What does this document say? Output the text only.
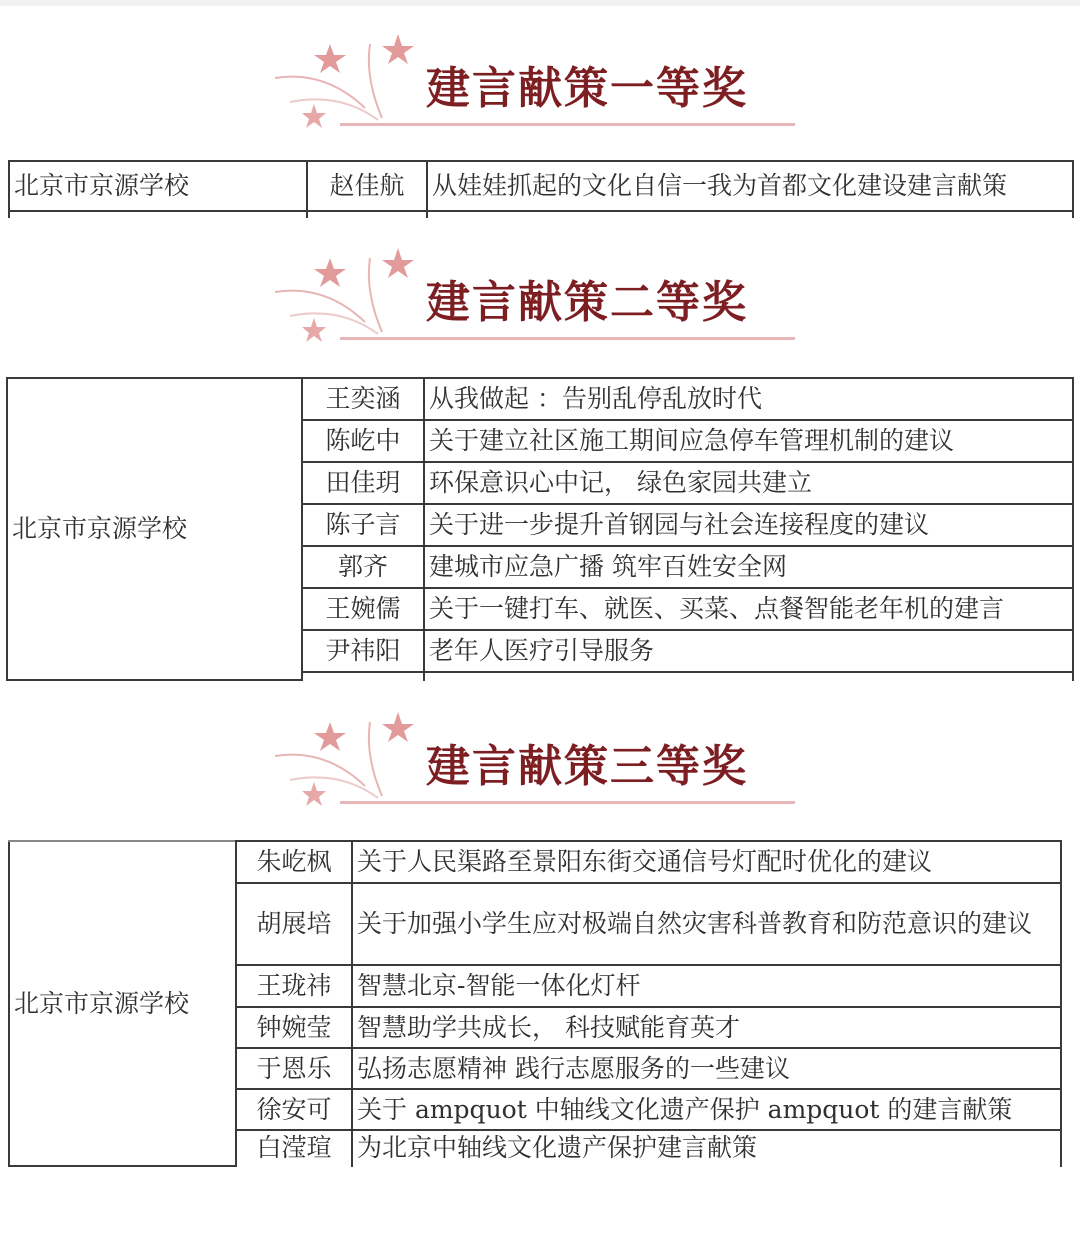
建言献策一等奖
北京市京源学校	赵佳航	从娃娃抓起的文化自信一我为首都文化建设建言献策

建言献策二等奖
北京市京源学校	王奕涵	从我做起 ：告别乱停乱放时代
	陈屹中	关于建立社区施工期间应急停车管理机制的建议
	田佳玥	环保意识心中记， 绿色家园共建立
	陈子言	关于进一步提升首钢园与社会连接程度的建议
	郭齐	建城市应急广播 筑牢百姓安全网
	王婉儒	关于一键打车、就医、买菜、点餐智能老年机的建言
	尹祎阳	老年人医疗引导服务

建言献策三等奖
北京市京源学校	朱屹枫	关于人民渠路至景阳东街交通信号灯配时优化的建议
	胡展培	关于加强小学生应对极端自然灾害科普教育和防范意识的建议
	王珑祎	智慧北京-智能一体化灯杆
	钟婉莹	智慧助学共成长， 科技赋能育英才
	于恩乐	弘扬志愿精神 践行志愿服务的一些建议
	徐安可	关于 ampquot 中轴线文化遗产保护 ampquot 的建言献策
	白滢瑄	为北京中轴线文化遗产保护建言献策
